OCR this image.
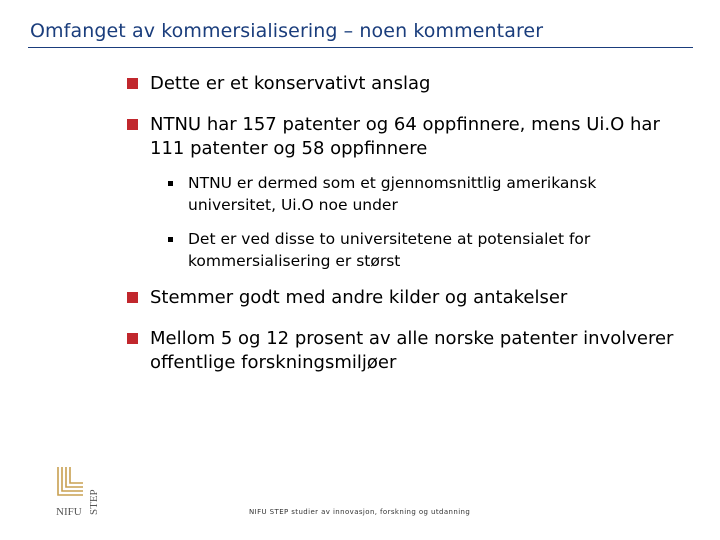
Omfanget av kommersialisering – noen kommentarer
Dette er et konservativt anslag
NTNU har 157 patenter og 64 oppfinnere, mens Ui.O har 111 patenter og 58 oppfinnere
NTNU er dermed som et gjennomsnittlig amerikansk universitet, Ui.O noe under
Det er ved disse to universitetene at potensialet for kommersialisering er størst
Stemmer godt med andre kilder og antakelser
Mellom 5 og 12 prosent av alle norske patenter involverer offentlige forskningsmiljøer
NIFU STEP	NIFU STEP studier av innovasjon, forskning og utdanning
